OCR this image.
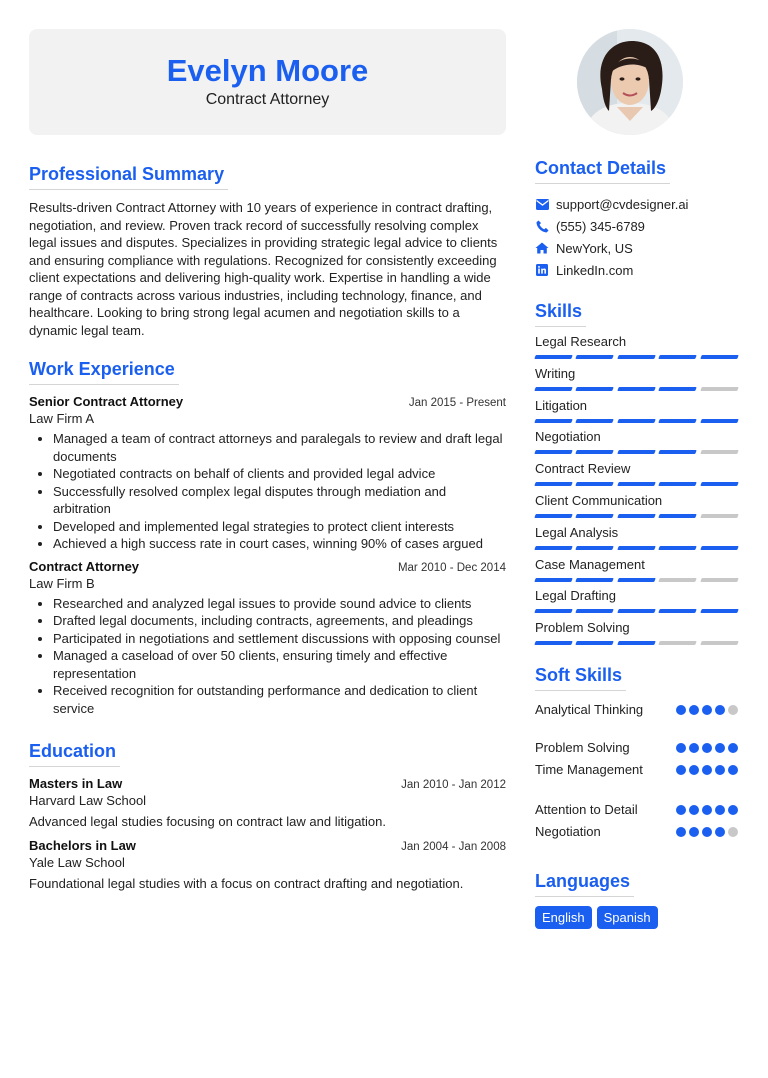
Evelyn Moore
Contract Attorney
Professional Summary

Results-driven Contract Attorney with 10 years of experience in contract drafting, negotiation, and review. Proven track record of successfully resolving complex legal issues and disputes. Specializes in providing strategic legal advice to clients and ensuring compliance with regulations. Recognized for consistently exceeding client expectations and delivering high-quality work. Expertise in handling a wide range of contracts across various industries, including technology, finance, and healthcare. Looking to bring strong legal acumen and negotiation skills to a dynamic legal team.

Work Experience
Senior Contract Attorney	Jan 2015 - Present
Law Firm A
• Managed a team of contract attorneys and paralegals to review and draft legal documents
• Negotiated contracts on behalf of clients and provided legal advice
• Successfully resolved complex legal disputes through mediation and arbitration
• Developed and implemented legal strategies to protect client interests
• Achieved a high success rate in court cases, winning 90% of cases argued
Contract Attorney	Mar 2010 - Dec 2014
Law Firm B
• Researched and analyzed legal issues to provide sound advice to clients
• Drafted legal documents, including contracts, agreements, and pleadings
• Participated in negotiations and settlement discussions with opposing counsel
• Managed a caseload of over 50 clients, ensuring timely and effective representation
• Received recognition for outstanding performance and dedication to client service
Education
Masters in Law	Jan 2010 - Jan 2012
Harvard Law School
Advanced legal studies focusing on contract law and litigation.
Bachelors in Law	Jan 2004 - Jan 2008
Yale Law School
Foundational legal studies with a focus on contract drafting and negotiation.
Contact Details
support@cvdesigner.ai
(555) 345-6789
NewYork, US
LinkedIn.com
Skills
Legal Research
Writing
Litigation
Negotiation
Contract Review
Client Communication
Legal Analysis
Case Management
Legal Drafting
Problem Solving
Soft Skills
Analytical Thinking
Problem Solving
Time Management
Attention to Detail
Negotiation
Languages
English	Spanish
